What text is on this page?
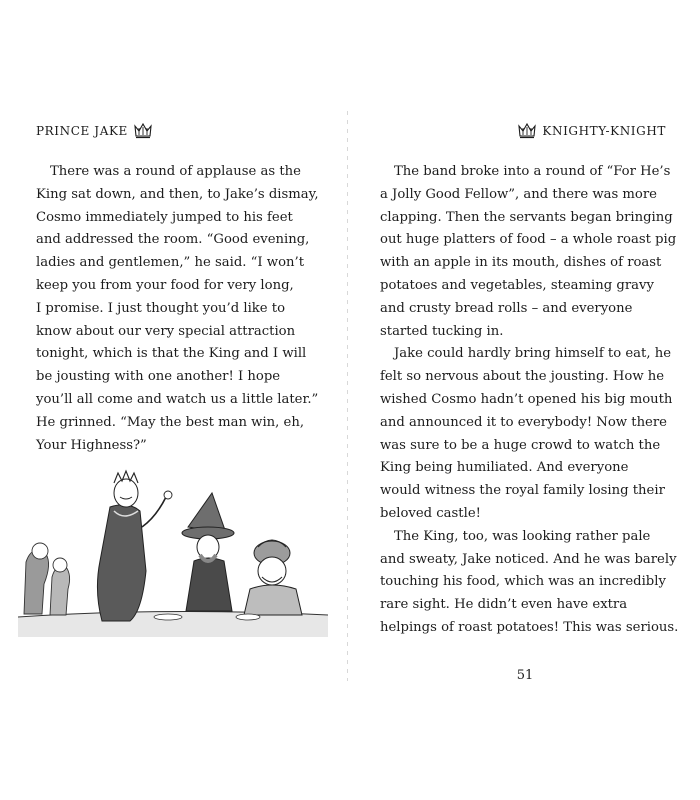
PRINCE JAKE
There was a round of applause as the
King sat down, and then, to Jake’s dismay,
Cosmo immediately jumped to his feet
and addressed the room. “Good evening,
ladies and gentlemen,” he said. “I won’t
keep you from your food for very long,
I promise. I just thought you’d like to
know about our very special attraction
tonight, which is that the King and I will
be jousting with one another! I hope
you’ll all come and watch us a little later.”
He grinned. “May the best man win, eh,
Your Highness?”
KNIGHTY-KNIGHT
The band broke into a round of “For He’s
a Jolly Good Fellow”, and there was more
clapping. Then the servants began bringing
out huge platters of food – a whole roast pig
with an apple in its mouth, dishes of roast
potatoes and vegetables, steaming gravy
and crusty bread rolls – and everyone
started tucking in.
Jake could hardly bring himself to eat, he
felt so nervous about the jousting. How he
wished Cosmo hadn’t opened his big mouth
and announced it to everybody! Now there
was sure to be a huge crowd to watch the
King being humiliated. And everyone
would witness the royal family losing their
beloved castle!
The King, too, was looking rather pale
and sweaty, Jake noticed. And he was barely
touching his food, which was an incredibly
rare sight. He didn’t even have extra
helpings of roast potatoes! This was serious.
51
